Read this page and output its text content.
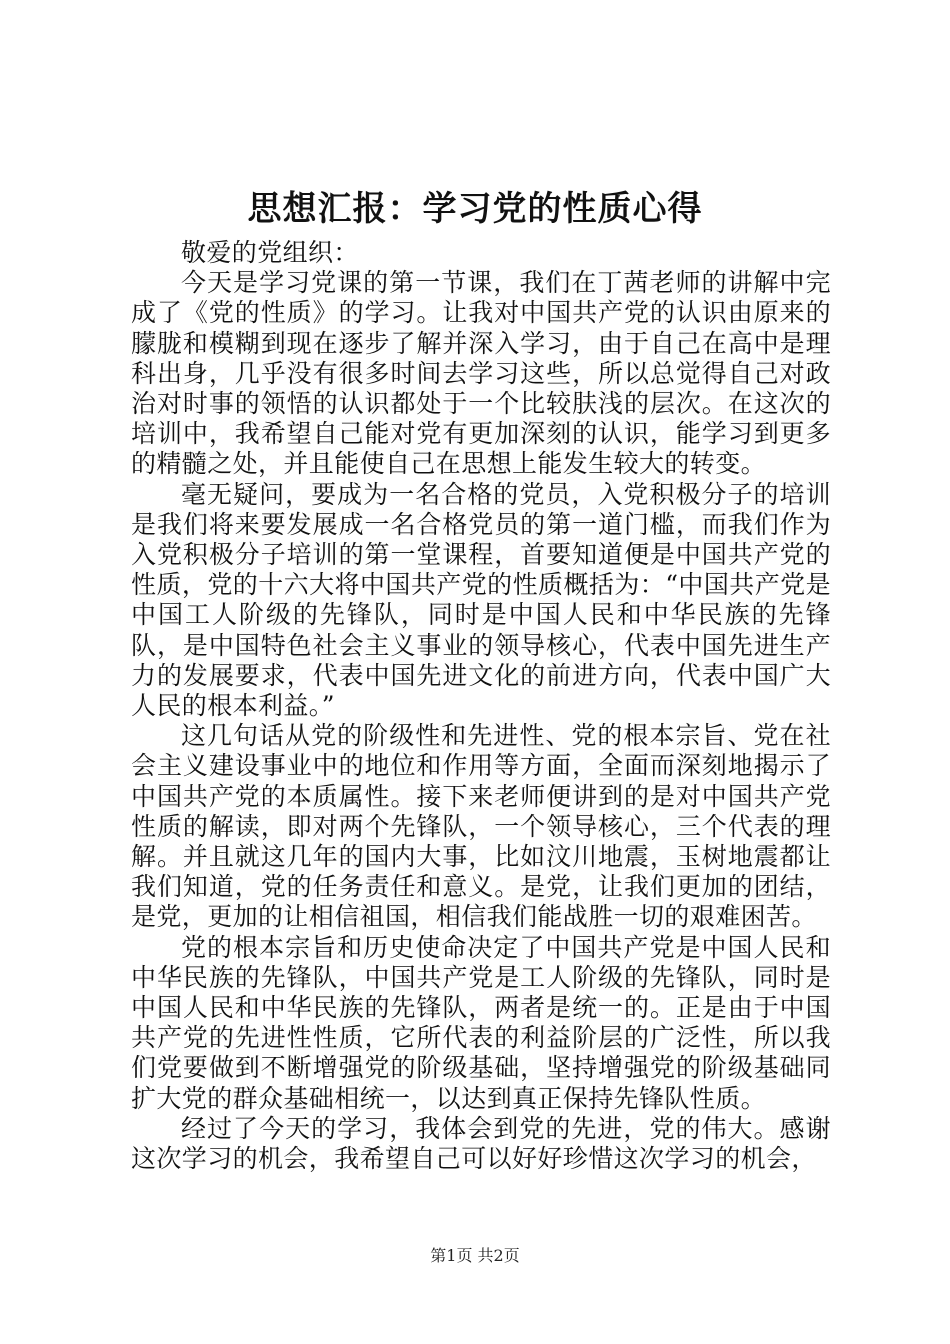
思想汇报：学习党的性质心得

敬爱的党组织：

今天是学习党课的第一节课，我们在丁茜老师的讲解中完成了《党的性质》的学习。让我对中国共产党的认识由原来的朦胧和模糊到现在逐步了解并深入学习，由于自己在高中是理科出身，几乎没有很多时间去学习这些，所以总觉得自己对政治对时事的领悟的认识都处于一个比较肤浅的层次。在这次的培训中，我希望自己能对党有更加深刻的认识，能学习到更多的精髓之处，并且能使自己在思想上能发生较大的转变。

毫无疑问，要成为一名合格的党员，入党积极分子的培训是我们将来要发展成一名合格党员的第一道门槛，而我们作为入党积极分子培训的第一堂课程，首要知道便是中国共产党的性质，党的十六大将中国共产党的性质概括为：“中国共产党是中国工人阶级的先锋队，同时是中国人民和中华民族的先锋队，是中国特色社会主义事业的领导核心，代表中国先进生产力的发展要求，代表中国先进文化的前进方向，代表中国广大人民的根本利益。”

这几句话从党的阶级性和先进性、党的根本宗旨、党在社会主义建设事业中的地位和作用等方面，全面而深刻地揭示了中国共产党的本质属性。接下来老师便讲到的是对中国共产党性质的解读，即对两个先锋队，一个领导核心，三个代表的理解。并且就这几年的国内大事，比如汶川地震，玉树地震都让我们知道，党的任务责任和意义。是党，让我们更加的团结，是党，更加的让相信祖国，相信我们能战胜一切的艰难困苦。

党的根本宗旨和历史使命决定了中国共产党是中国人民和中华民族的先锋队，中国共产党是工人阶级的先锋队，同时是中国人民和中华民族的先锋队，两者是统一的。正是由于中国共产党的先进性性质，它所代表的利益阶层的广泛性，所以我们党要做到不断增强党的阶级基础，坚持增强党的阶级基础同扩大党的群众基础相统一，以达到真正保持先锋队性质。

经过了今天的学习，我体会到党的先进，党的伟大。感谢这次学习的机会，我希望自己可以好好珍惜这次学习的机会，

第1页 共2页
